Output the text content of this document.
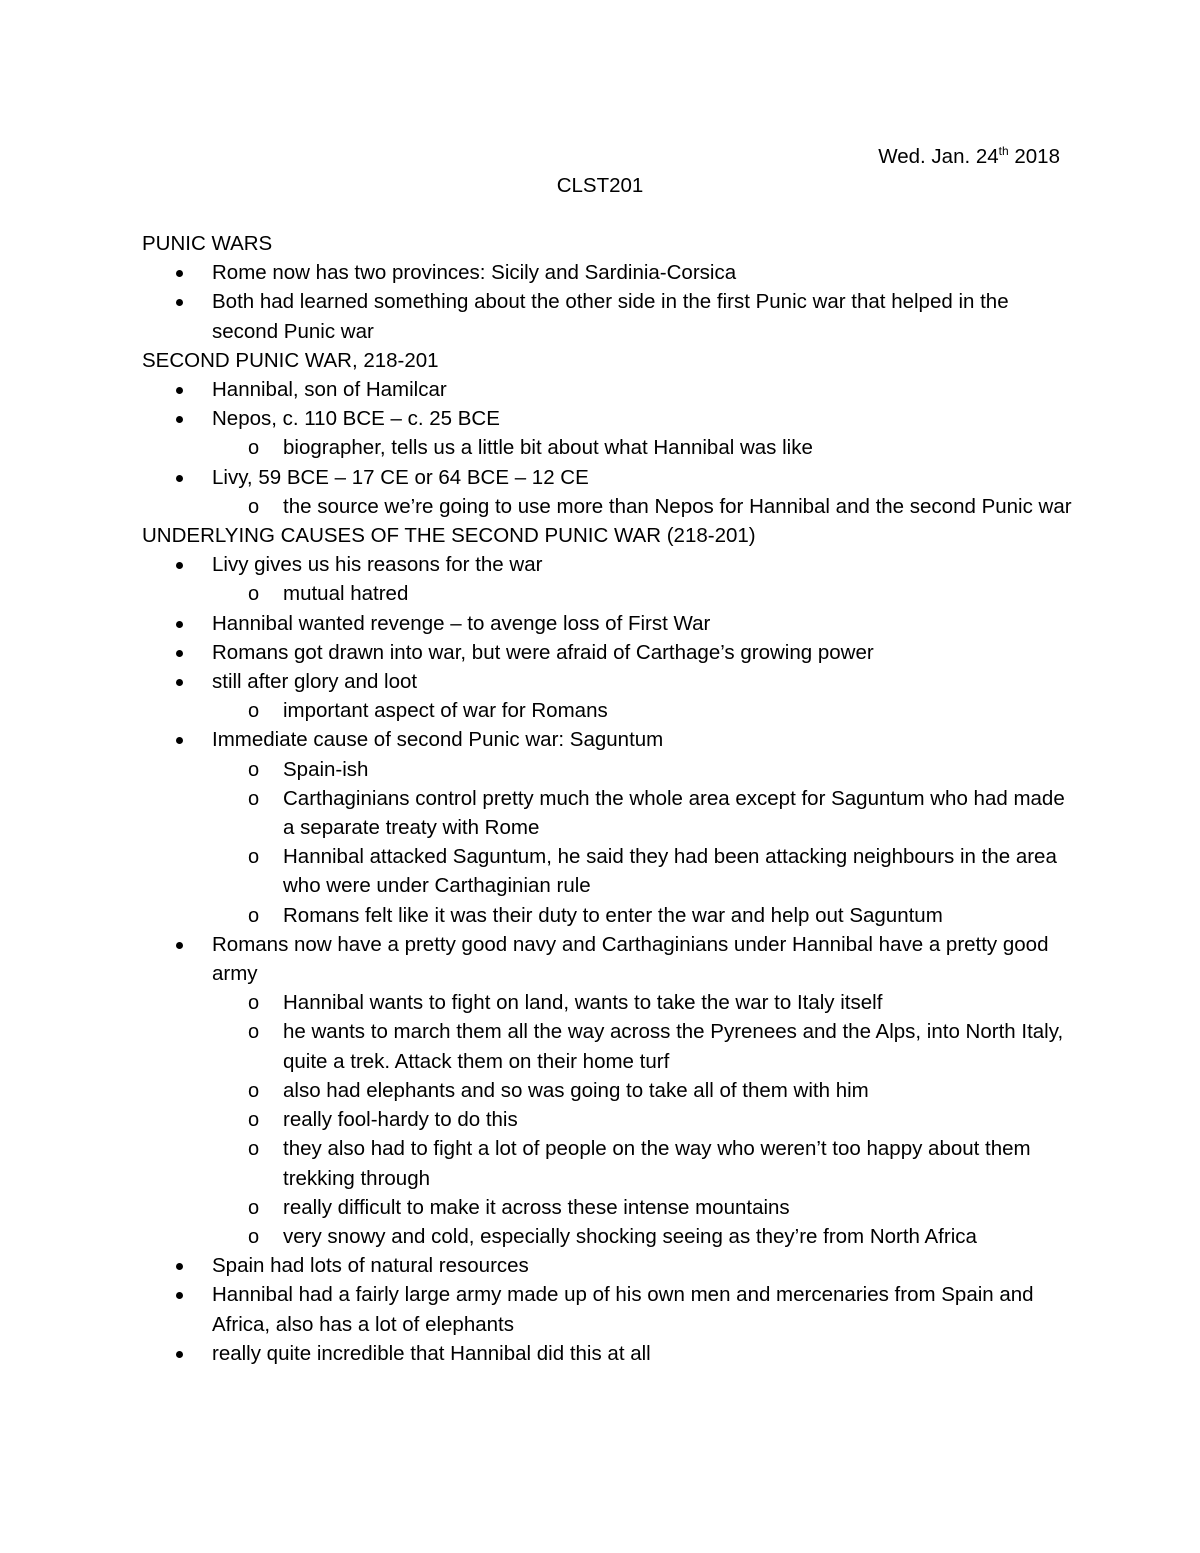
Wed. Jan. 24th 2018
CLST201
PUNIC WARS
Rome now has two provinces: Sicily and Sardinia-Corsica
Both had learned something about the other side in the first Punic war that helped in the second Punic war
SECOND PUNIC WAR, 218-201
Hannibal, son of Hamilcar
Nepos, c. 110 BCE – c. 25 BCE
o biographer, tells us a little bit about what Hannibal was like
Livy, 59 BCE – 17 CE or 64 BCE – 12 CE
o the source we’re going to use more than Nepos for Hannibal and the second Punic war
UNDERLYING CAUSES OF THE SECOND PUNIC WAR (218-201)
Livy gives us his reasons for the war
o mutual hatred
Hannibal wanted revenge – to avenge loss of First War
Romans got drawn into war, but were afraid of Carthage’s growing power
still after glory and loot
o important aspect of war for Romans
Immediate cause of second Punic war: Saguntum
o Spain-ish
o Carthaginians control pretty much the whole area except for Saguntum who had made a separate treaty with Rome
o Hannibal attacked Saguntum, he said they had been attacking neighbours in the area who were under Carthaginian rule
o Romans felt like it was their duty to enter the war and help out Saguntum
Romans now have a pretty good navy and Carthaginians under Hannibal have a pretty good army
o Hannibal wants to fight on land, wants to take the war to Italy itself
o he wants to march them all the way across the Pyrenees and the Alps, into North Italy, quite a trek. Attack them on their home turf
o also had elephants and so was going to take all of them with him
o really fool-hardy to do this
o they also had to fight a lot of people on the way who weren’t too happy about them trekking through
o really difficult to make it across these intense mountains
o very snowy and cold, especially shocking seeing as they’re from North Africa
Spain had lots of natural resources
Hannibal had a fairly large army made up of his own men and mercenaries from Spain and Africa, also has a lot of elephants
really quite incredible that Hannibal did this at all
